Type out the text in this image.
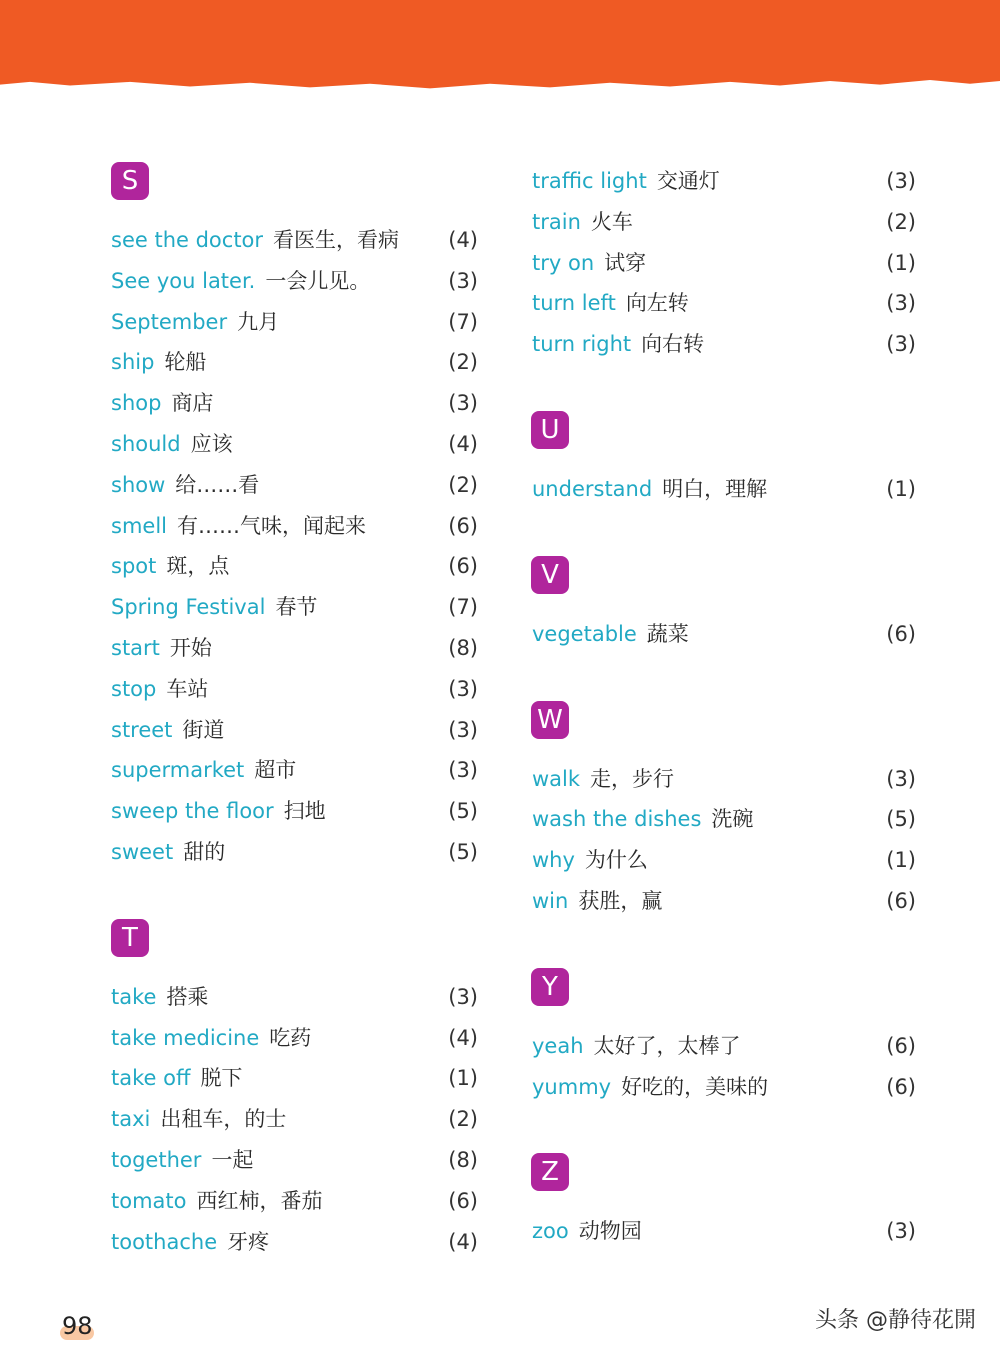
S
see the doctor 看医生，看病	(4)
See you later. 一会儿见。	(3)
September 九月	(7)
ship 轮船	(2)
shop 商店	(3)
should 应该	(4)
show 给……看	(2)
smell 有……气味，闻起来	(6)
spot 斑，点	(6)
Spring Festival 春节	(7)
start 开始	(8)
stop 车站	(3)
street 街道	(3)
supermarket 超市	(3)
sweep the floor 扫地	(5)
sweet 甜的	(5)
T
take 搭乘	(3)
take medicine 吃药	(4)
take off 脱下	(1)
taxi 出租车，的士	(2)
together 一起	(8)
tomato 西红柿，番茄	(6)
toothache 牙疼	(4)
traffic light 交通灯	(3)
train 火车	(2)
try on 试穿	(1)
turn left 向左转	(3)
turn right 向右转	(3)
U
understand 明白，理解	(1)
V
vegetable 蔬菜	(6)
W
walk 走，步行	(3)
wash the dishes 洗碗	(5)
why 为什么	(1)
win 获胜，赢	(6)
Y
yeah 太好了，太棒了	(6)
yummy 好吃的，美味的	(6)
Z
zoo 动物园	(3)
98	头条 @静待花開
